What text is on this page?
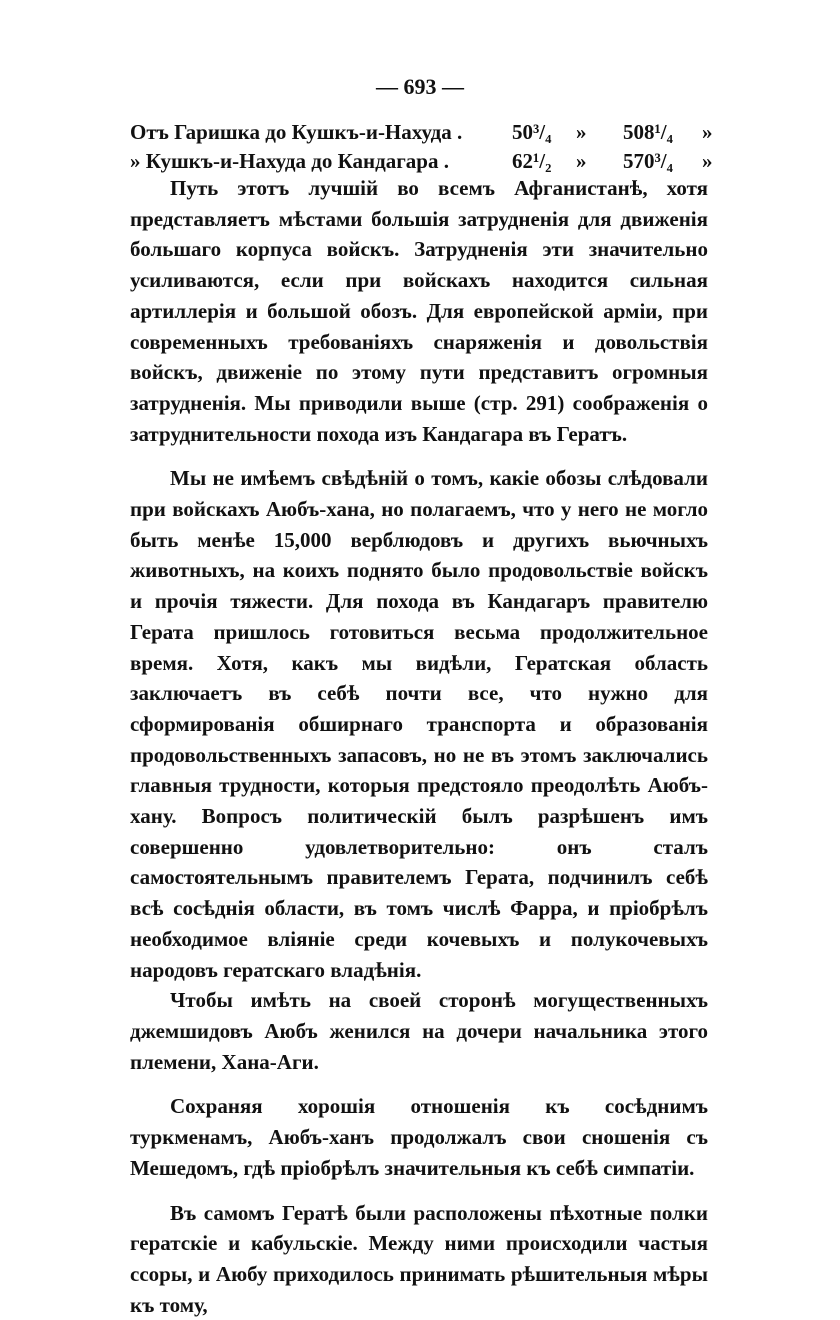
— 693 —
Отъ Гаришка до Кушкъ-и-Нахуда . 50³/₄ » 508¹/₄ »
» Кушкъ-и-Нахуда до Кандагара .	62¹/₂ » 570³/₄ »

Путь этотъ лучшій во всемъ Афганистанѣ, хотя представляетъ мѣстами большія затрудненія для движенія большаго корпуса войскъ. Затрудненія эти значительно усиливаются, если при войскахъ находится сильная артиллерія и большой обозъ. Для европейской арміи, при современныхъ требованіяхъ снаряженія и довольствія войскъ, движеніе по этому пути представитъ огромныя затрудненія. Мы приводили выше (стр. 291) соображенія о затруднительности похода изъ Кандагара въ Гератъ.

Мы не имѣемъ свѣдѣній о томъ, какіе обозы слѣдовали при войскахъ Аюбъ-хана, но полагаемъ, что у него не могло быть менѣе 15,000 верблюдовъ и другихъ вьючныхъ животныхъ, на коихъ поднято было продовольствіе войскъ и прочія тяжести. Для похода въ Кандагаръ правителю Герата пришлось готовиться весьма продолжительное время. Хотя, какъ мы видѣли, Гератская область заключаетъ въ себѣ почти все, что нужно для сформированія обширнаго транспорта и образованія продовольственныхъ запасовъ, но не въ этомъ заключались главныя трудности, которыя предстояло преодолѣть Аюбъ-хану. Вопросъ политическій былъ разрѣшенъ имъ совершенно удовлетворительно: онъ сталъ самостоятельнымъ правителемъ Герата, подчинилъ себѣ всѣ сосѣднія области, въ томъ числѣ Фарра, и пріобрѣлъ необходимое вліяніе среди кочевыхъ и полукочевыхъ народовъ гератскаго владѣнія.

Чтобы имѣть на своей сторонѣ могущественныхъ джемшидовъ Аюбъ женился на дочери начальника этого племени, Хана-Аги.

Сохраняя хорошія отношенія къ сосѣднимъ туркменамъ, Аюбъ-ханъ продолжалъ свои сношенія съ Мешедомъ, гдѣ пріобрѣлъ значительныя къ себѣ симпатіи.

Въ самомъ Гератѣ были расположены пѣхотные полки гератскіе и кабульскіе. Между ними происходили частыя ссоры, и Аюбу приходилось принимать рѣшительныя мѣры къ тому,
